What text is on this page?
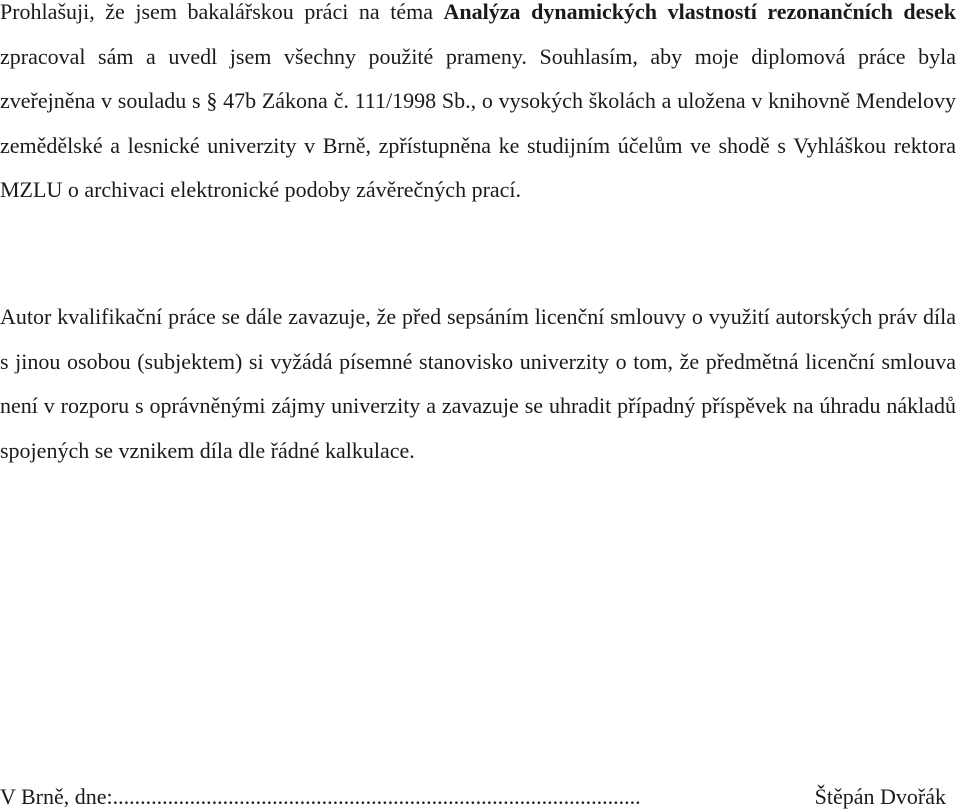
Prohlašuji, že jsem bakalářskou práci na téma Analýza dynamických vlastností rezonančních desek zpracoval sám a uvedl jsem všechny použité prameny. Souhlasím, aby moje diplomová práce byla zveřejněna v souladu s § 47b Zákona č. 111/1998 Sb., o vysokých školách a uložena v knihovně Mendelovy zemědělské a lesnické univerzity v Brně, zpřístupněna ke studijním účelům ve shodě s Vyhláškou rektora MZLU o archivaci elektronické podoby závěrečných prací.

Autor kvalifikační práce se dále zavazuje, že před sepsáním licenční smlouvy o využití autorských práv díla s jinou osobou (subjektem) si vyžádá písemné stanovisko univerzity o tom, že předmětná licenční smlouva není v rozporu s oprávněnými zájmy univerzity a zavazuje se uhradit případný příspěvek na úhradu nákladů spojených se vznikem díla dle řádné kalkulace.

V Brně, dne:................................................................................................	Štěpán Dvořák
